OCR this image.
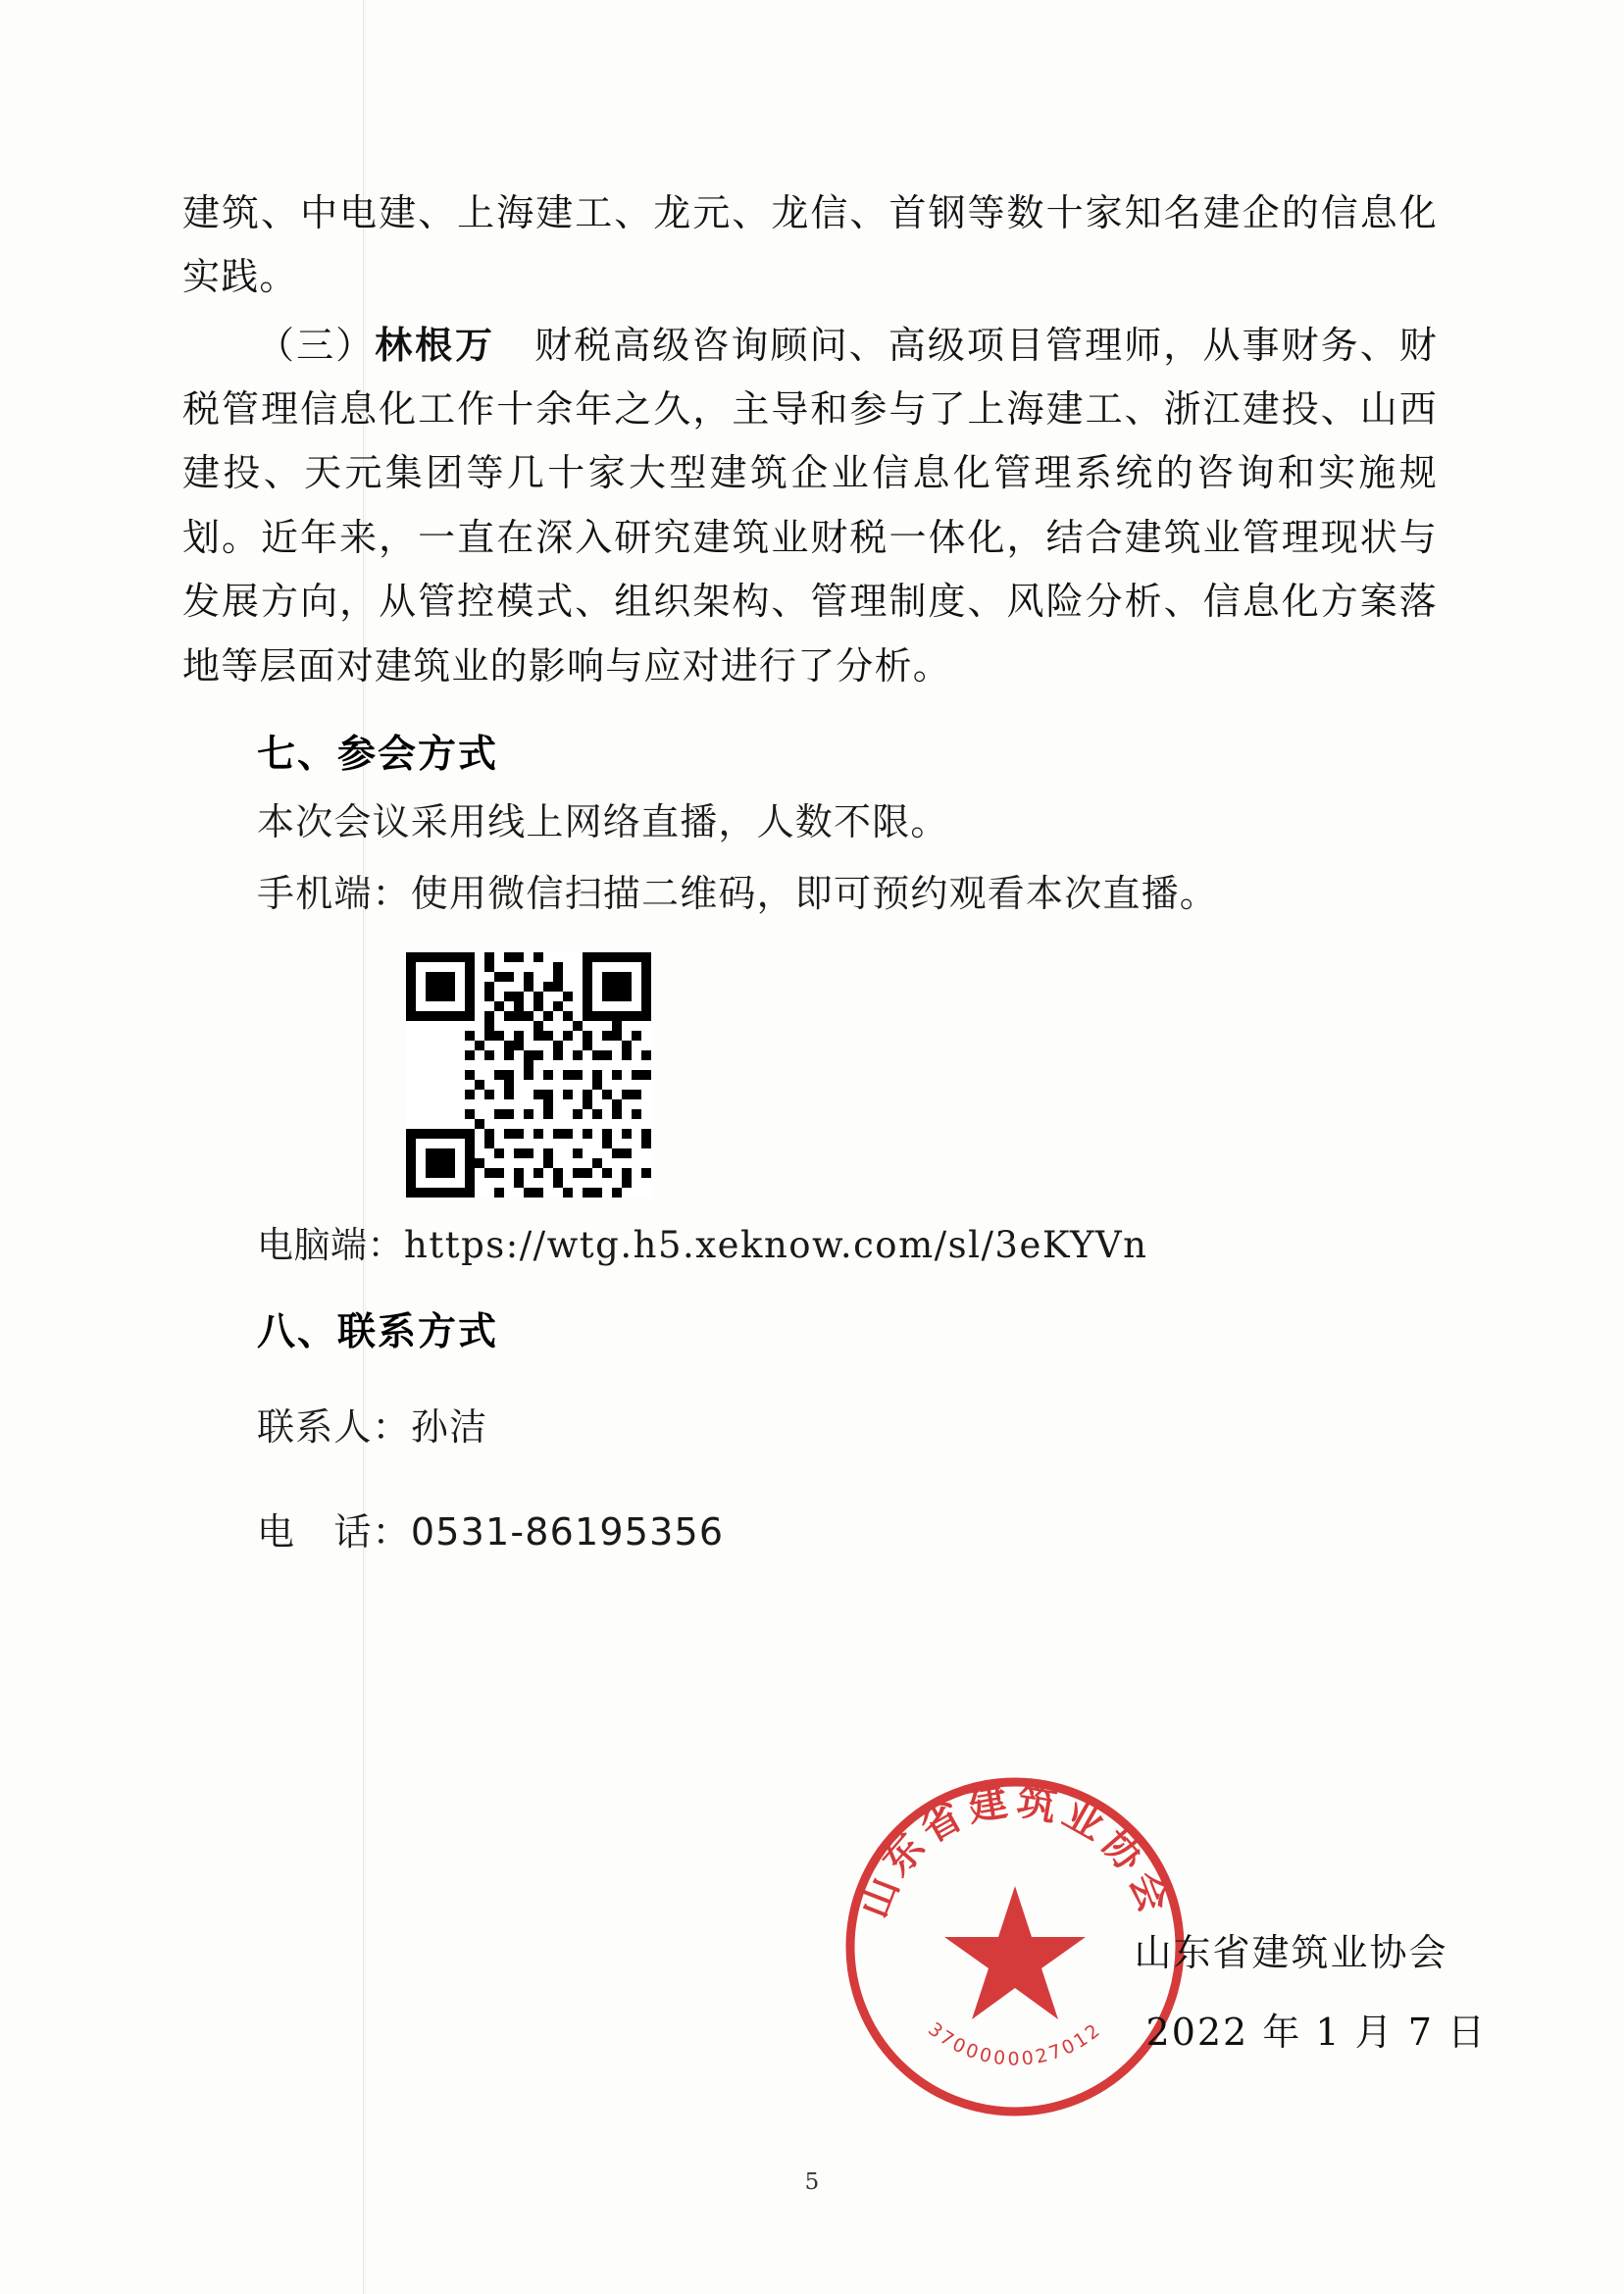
建筑、中电建、上海建工、龙元、龙信、首钢等数十家知名建企的信息化实践。

（三）林根万　 财税高级咨询顾问、高级项目管理师，从事财务、财税管理信息化工作十余年之久，主导和参与了上海建工、浙江建投、山西建投、天元集团等几十家大型建筑企业信息化管理系统的咨询和实施规划。近年来，一直在深入研究建筑业财税一体化，结合建筑业管理现状与发展方向，从管控模式、组织架构、管理制度、风险分析、信息化方案落地等层面对建筑业的影响与应对进行了分析。

七、参会方式

本次会议采用线上网络直播，人数不限。

手机端：使用微信扫描二维码，即可预约观看本次直播。

电脑端：https://wtg.h5.xeknow.com/sl/3eKYVn

八、联系方式

联系人：孙洁

电　话：0531-86195356

山东省建筑业协会
3700000027012
山东省建筑业协会
2022 年 1 月 7 日
5
